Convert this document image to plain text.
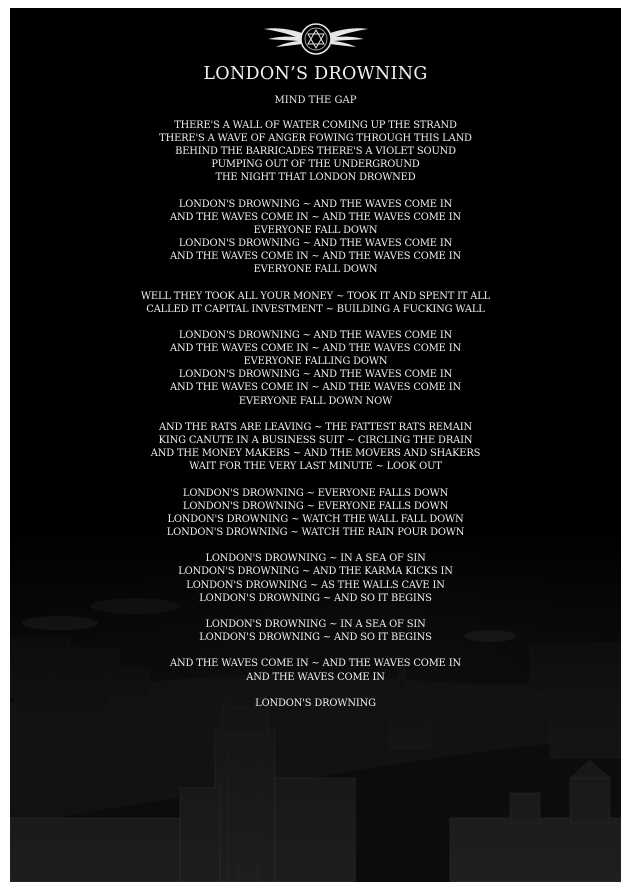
LONDON’S DROWNING

MIND THE GAP

THERE'S A WALL OF WATER COMING UP THE STRAND
THERE'S A WAVE OF ANGER FOWING THROUGH THIS LAND
BEHIND THE BARRICADES THERE'S A VIOLET SOUND
PUMPING OUT OF THE UNDERGROUND
THE NIGHT THAT LONDON DROWNED
LONDON'S DROWNING ~ AND THE WAVES COME IN
AND THE WAVES COME IN ~ AND THE WAVES COME IN
EVERYONE FALL DOWN
LONDON'S DROWNING ~ AND THE WAVES COME IN
AND THE WAVES COME IN ~ AND THE WAVES COME IN
EVERYONE FALL DOWN
WELL THEY TOOK ALL YOUR MONEY ~ TOOK IT AND SPENT IT ALL
CALLED IT CAPITAL INVESTMENT ~ BUILDING A FUCKING WALL
LONDON'S DROWNING ~ AND THE WAVES COME IN
AND THE WAVES COME IN ~ AND THE WAVES COME IN
EVERYONE FALLING DOWN
LONDON'S DROWNING ~ AND THE WAVES COME IN
AND THE WAVES COME IN ~ AND THE WAVES COME IN
EVERYONE FALL DOWN NOW
AND THE RATS ARE LEAVING ~ THE FATTEST RATS REMAIN
KING CANUTE IN A BUSINESS SUIT ~ CIRCLING THE DRAIN
AND THE MONEY MAKERS ~ AND THE MOVERS AND SHAKERS
WAIT FOR THE VERY LAST MINUTE ~ LOOK OUT
LONDON'S DROWNING ~ EVERYONE FALLS DOWN
LONDON'S DROWNING ~ EVERYONE FALLS DOWN
LONDON'S DROWNING ~ WATCH THE WALL FALL DOWN
LONDON'S DROWNING ~ WATCH THE RAIN POUR DOWN
LONDON'S DROWNING ~ IN A SEA OF SIN
LONDON'S DROWNING ~ AND THE KARMA KICKS IN
LONDON'S DROWNING ~ AS THE WALLS CAVE IN
LONDON'S DROWNING ~ AND SO IT BEGINS
LONDON'S DROWNING ~ IN A SEA OF SIN
LONDON'S DROWNING ~ AND SO IT BEGINS
AND THE WAVES COME IN ~ AND THE WAVES COME IN
AND THE WAVES COME IN
LONDON'S DROWNING
